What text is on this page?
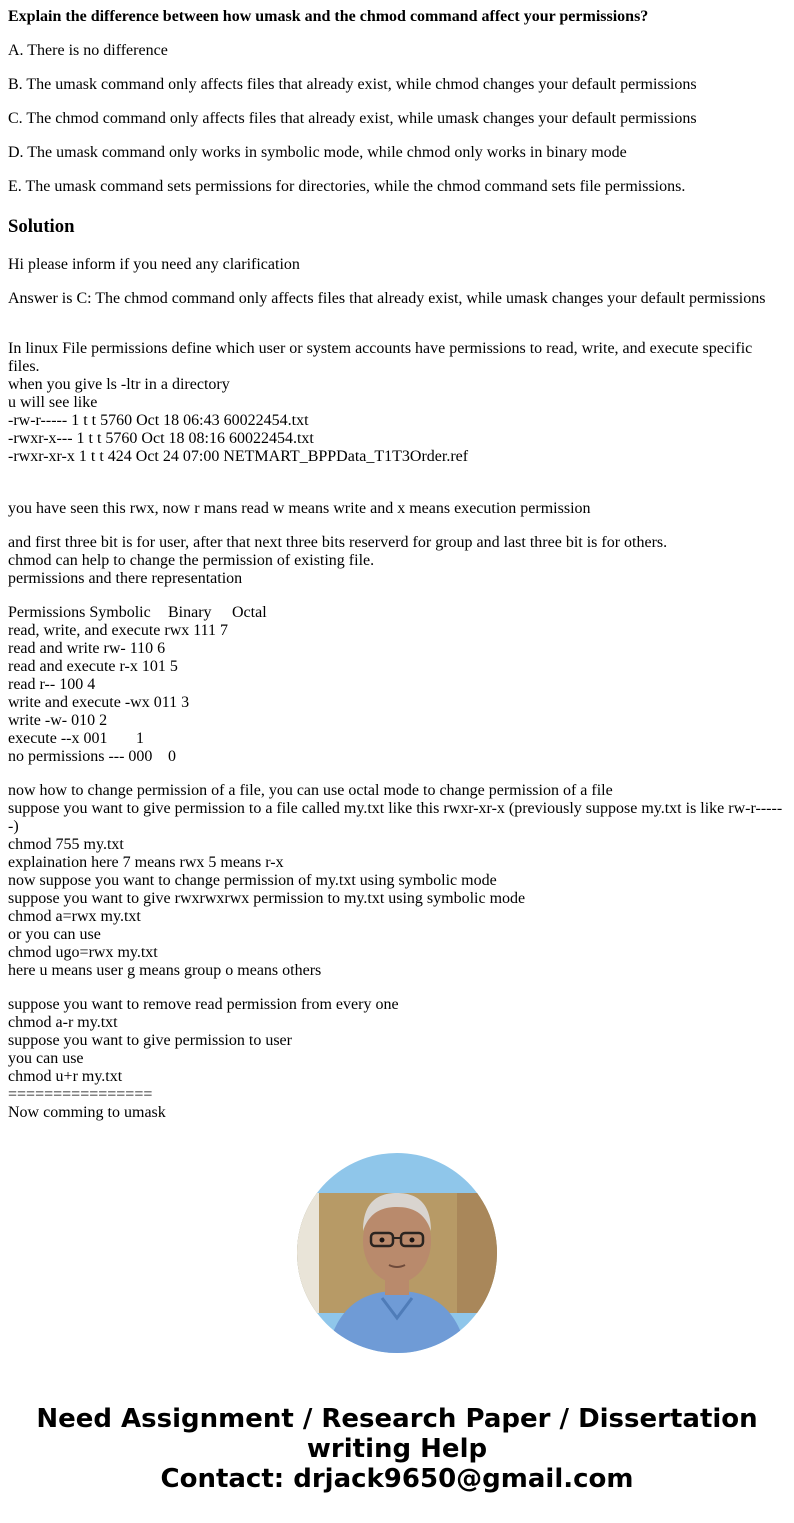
Explain the difference between how umask and the chmod command affect your permissions?
A. There is no difference
B. The umask command only affects files that already exist, while chmod changes your default permissions
C. The chmod command only affects files that already exist, while umask changes your default permissions
D. The umask command only works in symbolic mode, while chmod only works in binary mode
E. The umask command sets permissions for directories, while the chmod command sets file permissions.
Solution
Hi please inform if you need any clarification
Answer is C: The chmod command only affects files that already exist, while umask changes your default permissions
In linux File permissions define which user or system accounts have permissions to read, write, and execute specific files.
when you give ls -ltr in a directory
u will see like
-rw-r----- 1 t t 5760 Oct 18 06:43 60022454.txt
-rwxr-x--- 1 t t 5760 Oct 18 08:16 60022454.txt
-rwxr-xr-x 1 t t 424 Oct 24 07:00 NETMART_BPPData_T1T3Order.ref
you have seen this rwx, now r mans read w means write and x means execution permission
and first three bit is for user, after that next three bits reserverd for group and last three bit is for others.
chmod can help to change the permission of existing file.
permissions and there representation
Permissions Symbolic	Binary	Octal
read, write, and execute rwx 111 7
read and write rw- 110 6
read and execute r-x 101 5
read r-- 100 4
write and execute -wx 011 3
write -w- 010 2
execute --x 001	1
no permissions --- 000	0
now how to change permission of a file, you can use octal mode to change permission of a file
suppose you want to give permission to a file called my.txt like this rwxr-xr-x (previously suppose my.txt is like rw-r------)
chmod 755 my.txt
explaination here 7 means rwx 5 means r-x
now suppose you want to change permission of my.txt using symbolic mode
suppose you want to give rwxrwxrwx permission to my.txt using symbolic mode
chmod a=rwx my.txt
or you can use
chmod ugo=rwx my.txt
here u means user g means group o means others
suppose you want to remove read permission from every one
chmod a-r my.txt
suppose you want to give permission to user
you can use
chmod u+r my.txt
================
Now comming to umask
Need Assignment / Research Paper / Dissertation
writing Help
Contact: drjack9650@gmail.com
